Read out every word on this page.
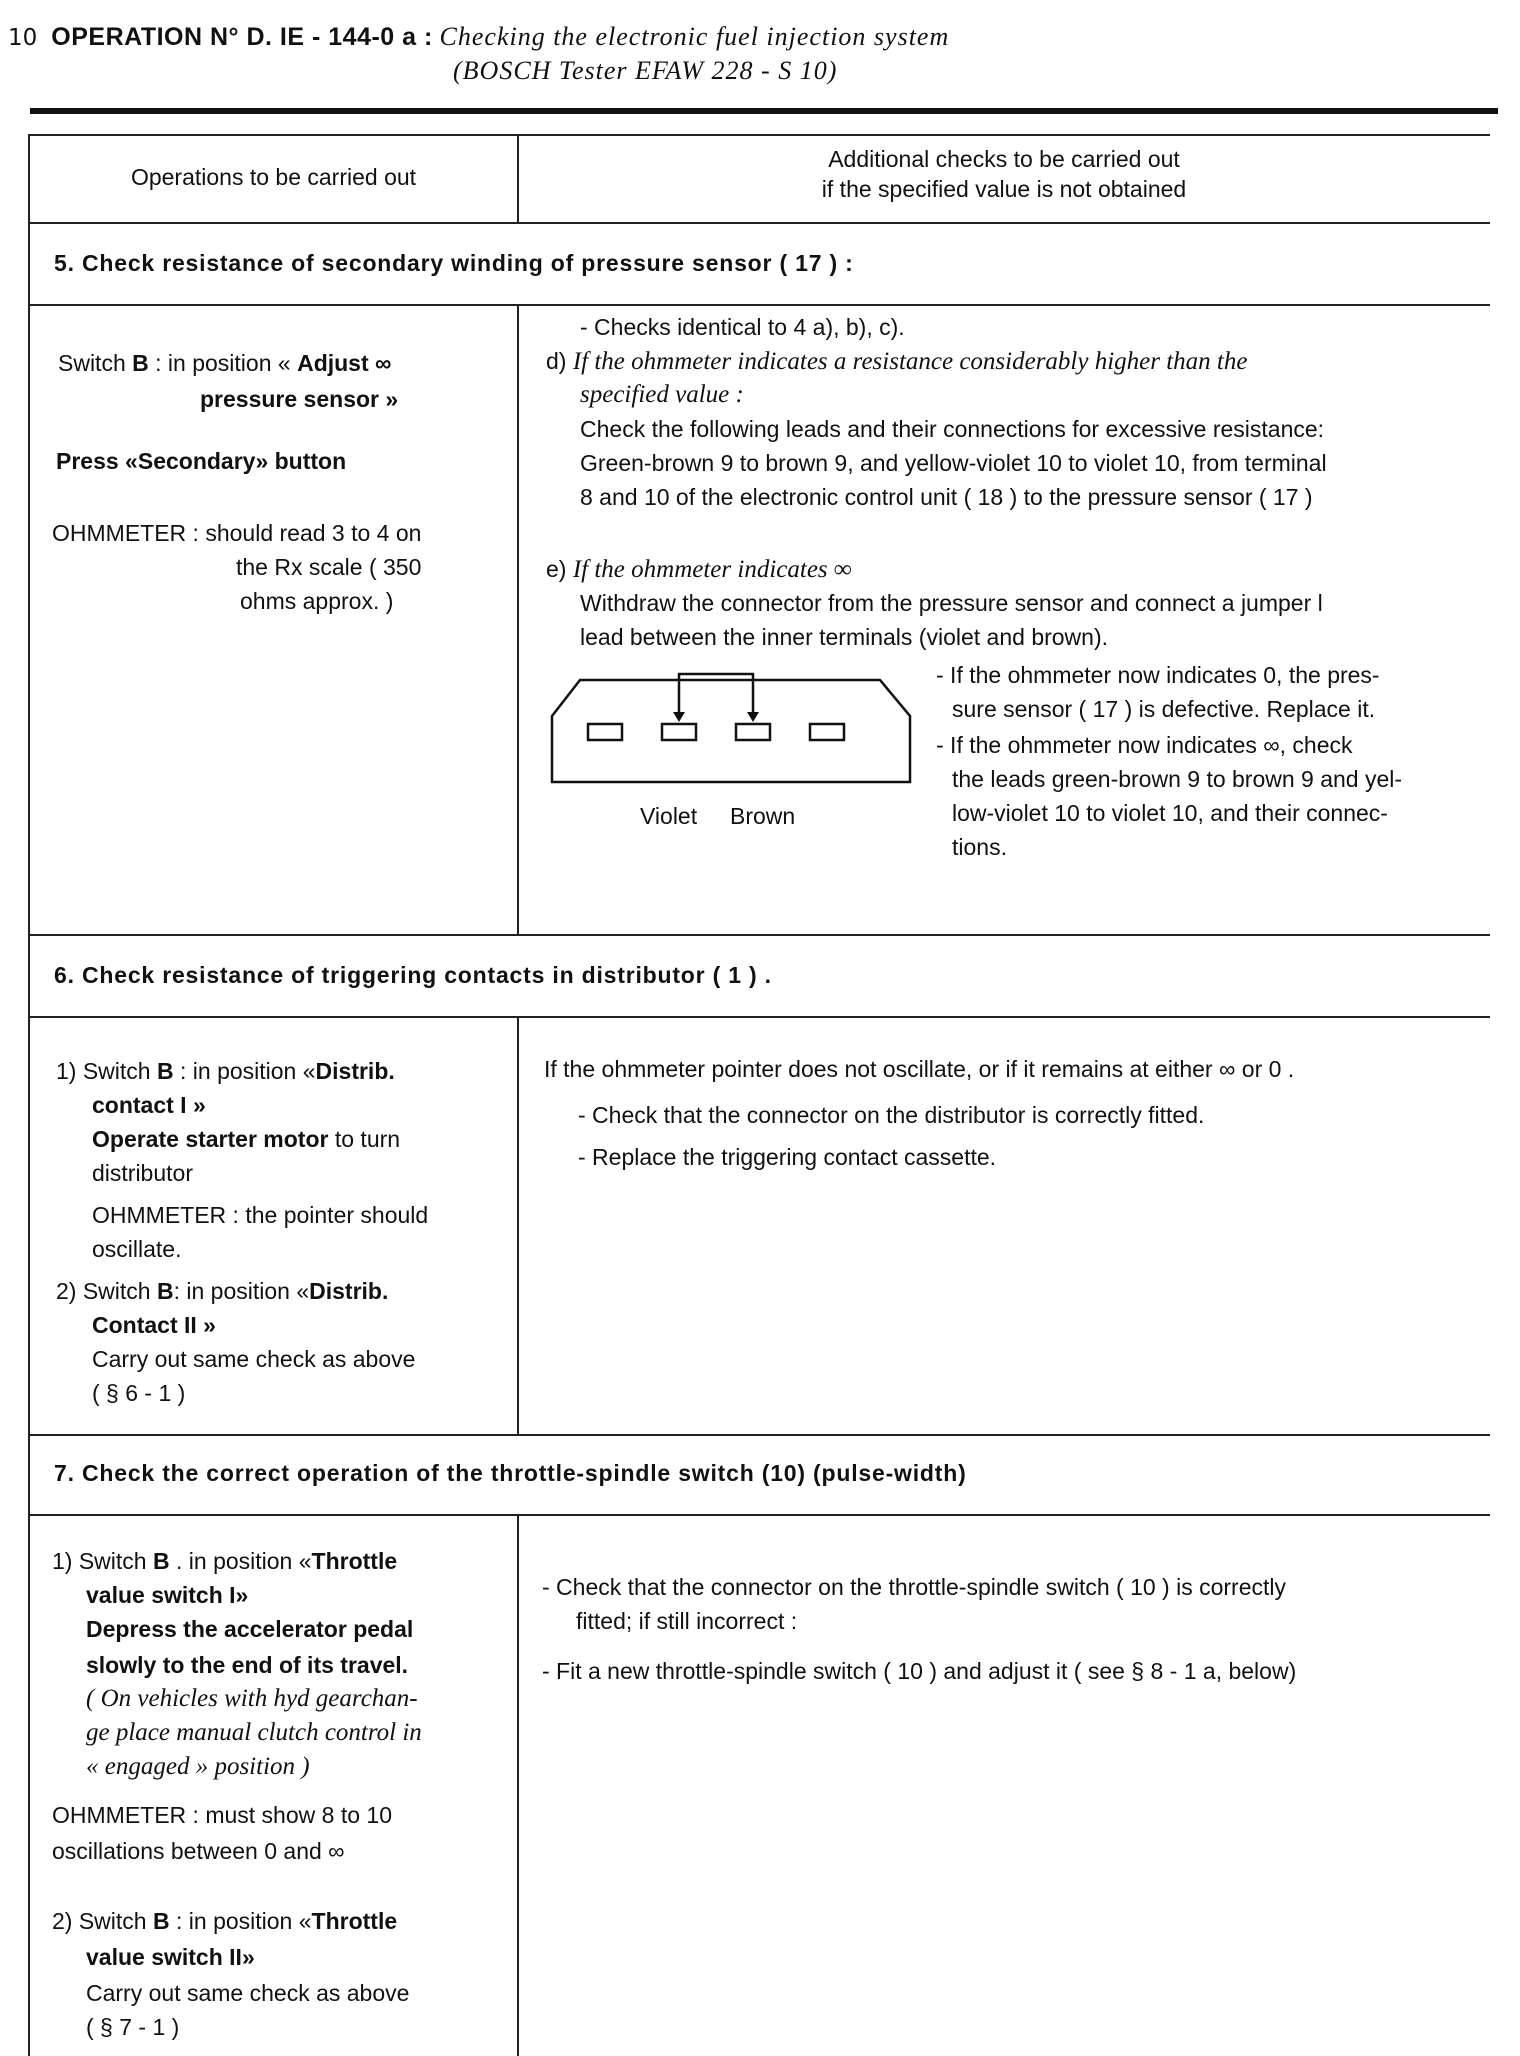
10 OPERATION N° D. IE - 144-0 a : Checking the electronic fuel injection system
(BOSCH Tester EFAW 228 - S 10)
Operations to be carried out
Additional checks to be carried out
if the specified value is not obtained
5. Check resistance of secondary winding of pressure sensor ( 17 ) :
Switch B : in position « Adjust ∞
pressure sensor »
Press «Secondary» button
OHMMETER : should read 3 to 4 on
the Rx scale ( 350
ohms approx. )
- Checks identical to 4 a), b), c).
d) If the ohmmeter indicates a resistance considerably higher than the
specified value :
Check the following leads and their connections for excessive resistance:
Green-brown 9 to brown 9, and yellow-violet 10 to violet 10, from terminal
8 and 10 of the electronic control unit ( 18 ) to the pressure sensor ( 17 )
e) If the ohmmeter indicates ∞
Withdraw the connector from the pressure sensor and connect a jumper l
lead between the inner terminals (violet and brown).
- If the ohmmeter now indicates 0, the pres-
sure sensor ( 17 ) is defective. Replace it.
- If the ohmmeter now indicates ∞, check
the leads green-brown 9 to brown 9 and yel-
low-violet 10 to violet 10, and their connec-
tions.
Violet Brown
6. Check resistance of triggering contacts in distributor ( 1 ) .
1) Switch B : in position «Distrib.
contact I »
Operate starter motor to turn
distributor
OHMMETER : the pointer should
oscillate.
2) Switch B: in position «Distrib.
Contact II »
Carry out same check as above
( § 6 - 1 )
If the ohmmeter pointer does not oscillate, or if it remains at either ∞ or 0 .
- Check that the connector on the distributor is correctly fitted.
- Replace the triggering contact cassette.
7. Check the correct operation of the throttle-spindle switch (10) (pulse-width)
1) Switch B . in position «Throttle
value switch I»
Depress the accelerator pedal
slowly to the end of its travel.
( On vehicles with hyd gearchan-
ge place manual clutch control in
« engaged » position )
OHMMETER : must show 8 to 10
oscillations between 0 and ∞
2) Switch B : in position «Throttle
value switch II»
Carry out same check as above
( § 7 - 1 )
- Check that the connector on the throttle-spindle switch ( 10 ) is correctly
fitted; if still incorrect :
- Fit a new throttle-spindle switch ( 10 ) and adjust it ( see § 8 - 1 a, below)
